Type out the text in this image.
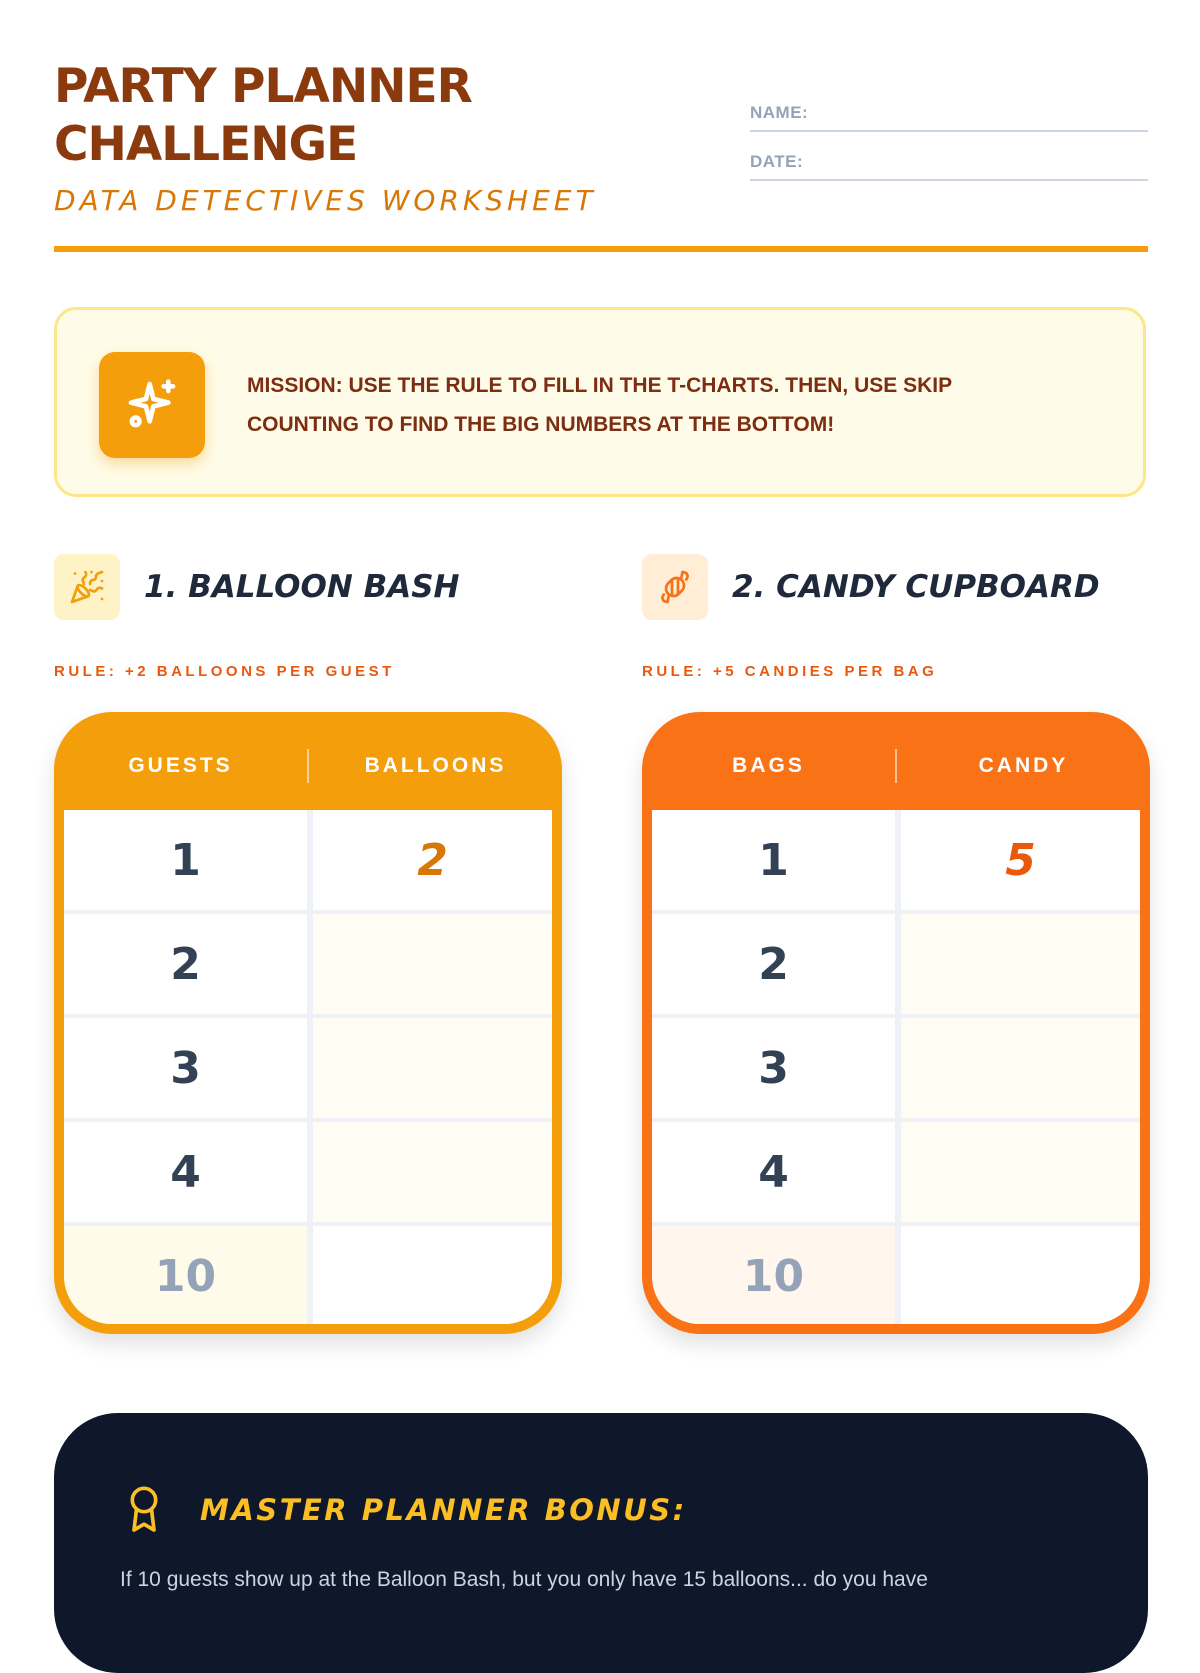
PARTY PLANNER
CHALLENGE
DATA DETECTIVES WORKSHEET
NAME:
DATE:
MISSION: USE THE RULE TO FILL IN THE T-CHARTS. THEN, USE SKIP COUNTING TO FIND THE BIG NUMBERS AT THE BOTTOM!
1. BALLOON BASH
RULE: +2 BALLOONS PER GUEST
2. CANDY CUPBOARD
RULE: +5 CANDIES PER BAG
GUESTS	BALLOONS
1	2
2
3
4
10
BAGS	CANDY
1	5
2
3
4
10
MASTER PLANNER BONUS:
If 10 guests show up at the Balloon Bash, but you only have 15 balloons... do you have
